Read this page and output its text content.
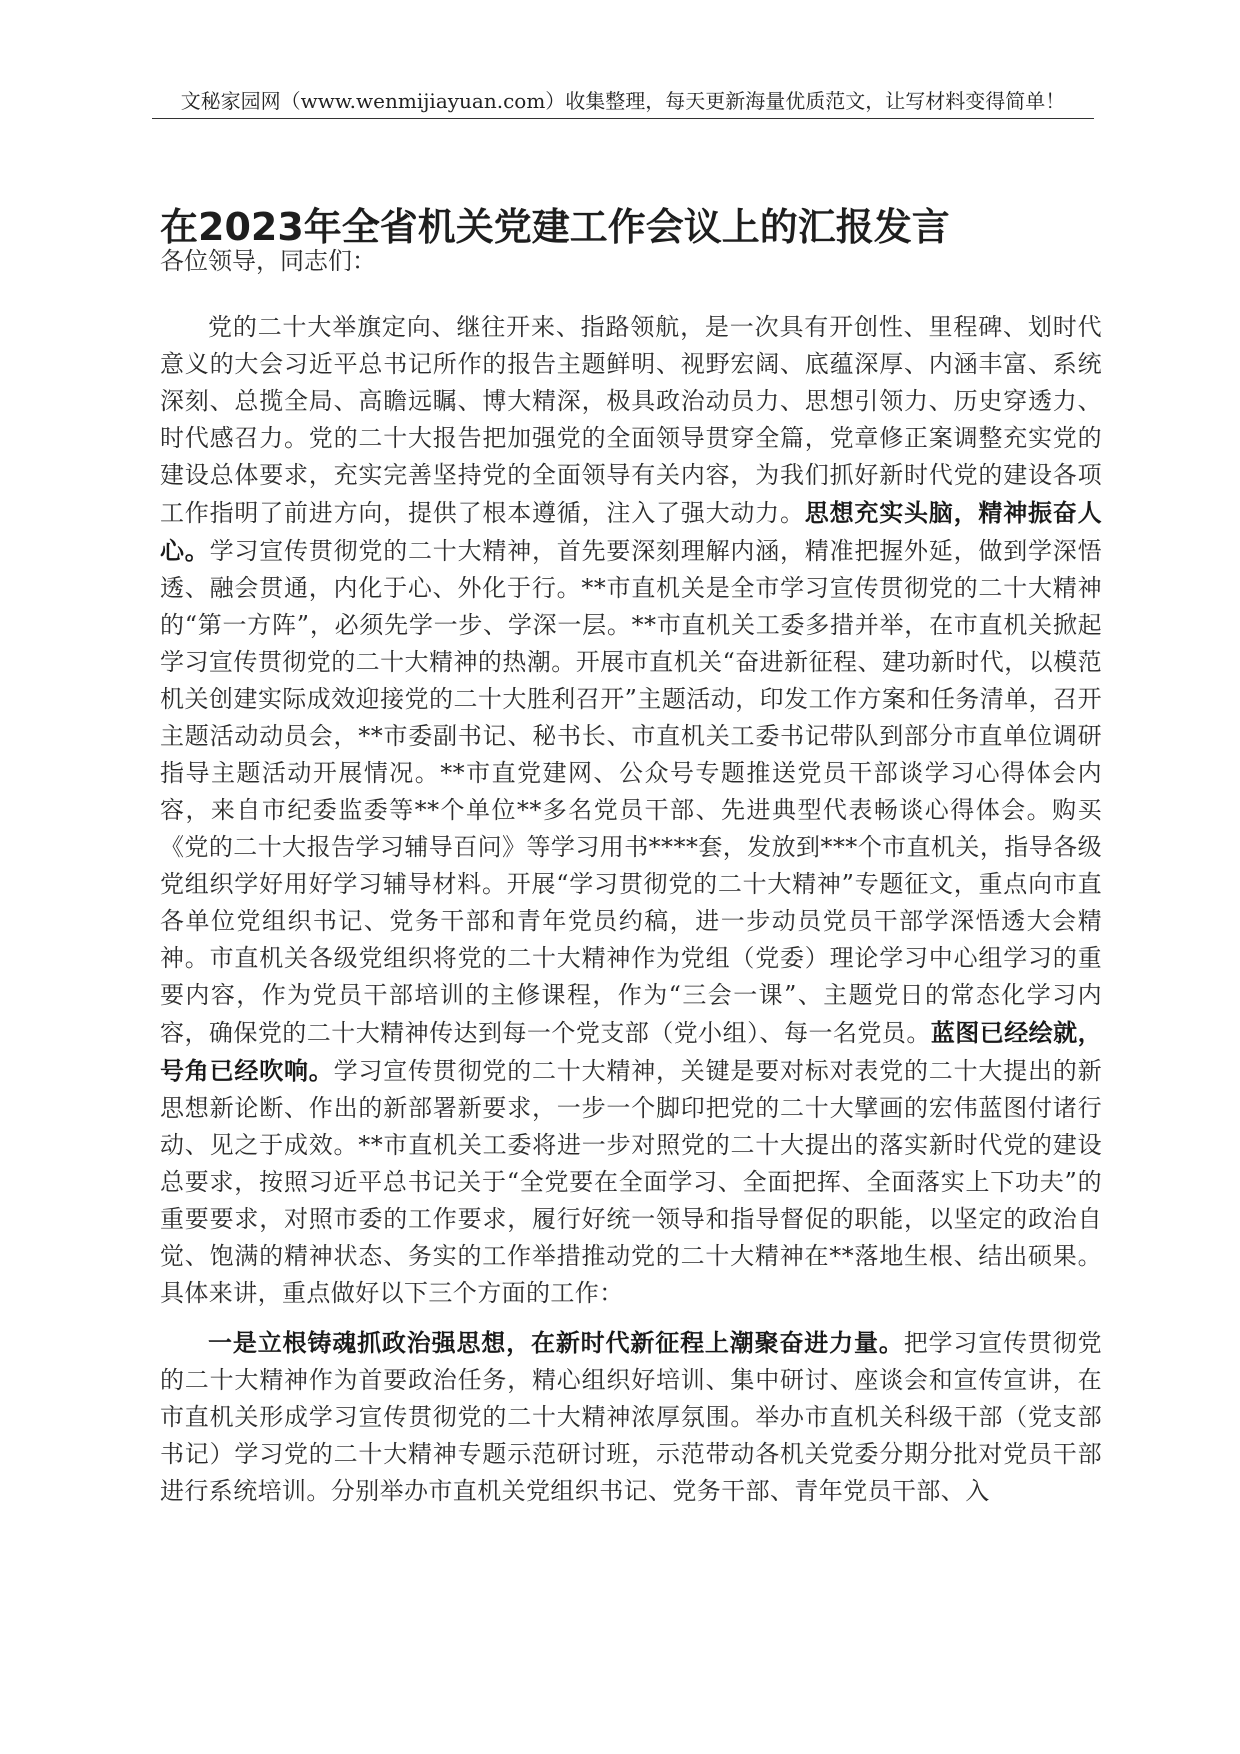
文秘家园网（www.wenmijiayuan.com）收集整理，每天更新海量优质范文，让写材料变得简单！
在2023年全省机关党建工作会议上的汇报发言

各位领导，同志们：

党的二十大举旗定向、继往开来、指路领航，是一次具有开创性、里程碑、划时代意义的大会习近平总书记所作的报告主题鲜明、视野宏阔、底蕴深厚、内涵丰富、系统深刻、总揽全局、高瞻远瞩、博大精深，极具政治动员力、思想引领力、历史穿透力、时代感召力。党的二十大报告把加强党的全面领导贯穿全篇，党章修正案调整充实党的建设总体要求，充实完善坚持党的全面领导有关内容，为我们抓好新时代党的建设各项工作指明了前进方向，提供了根本遵循，注入了强大动力。思想充实头脑，精神振奋人心。学习宣传贯彻党的二十大精神，首先要深刻理解内涵，精准把握外延，做到学深悟透、融会贯通，内化于心、外化于行。**市直机关是全市学习宣传贯彻党的二十大精神的“第一方阵”，必须先学一步、学深一层。**市直机关工委多措并举，在市直机关掀起学习宣传贯彻党的二十大精神的热潮。开展市直机关“奋进新征程、建功新时代，以模范机关创建实际成效迎接党的二十大胜利召开”主题活动，印发工作方案和任务清单，召开主题活动动员会，**市委副书记、秘书长、市直机关工委书记带队到部分市直单位调研指导主题活动开展情况。**市直党建网、公众号专题推送党员干部谈学习心得体会内容，来自市纪委监委等**个单位**多名党员干部、先进典型代表畅谈心得体会。购买《党的二十大报告学习辅导百问》等学习用书****套，发放到***个市直机关，指导各级党组织学好用好学习辅导材料。开展“学习贯彻党的二十大精神”专题征文，重点向市直各单位党组织书记、党务干部和青年党员约稿，进一步动员党员干部学深悟透大会精神。市直机关各级党组织将党的二十大精神作为党组（党委）理论学习中心组学习的重要内容，作为党员干部培训的主修课程，作为“三会一课”、主题党日的常态化学习内容，确保党的二十大精神传达到每一个党支部（党小组）、每一名党员。蓝图已经绘就，号角已经吹响。学习宣传贯彻党的二十大精神，关键是要对标对表党的二十大提出的新思想新论断、作出的新部署新要求，一步一个脚印把党的二十大擘画的宏伟蓝图付诸行动、见之于成效。**市直机关工委将进一步对照党的二十大提出的落实新时代党的建设总要求，按照习近平总书记关于“全党要在全面学习、全面把挥、全面落实上下功夫”的重要要求，对照市委的工作要求，履行好统一领导和指导督促的职能，以坚定的政治自觉、饱满的精神状态、务实的工作举措推动党的二十大精神在**落地生根、结出硕果。具体来讲，重点做好以下三个方面的工作：

一是立根铸魂抓政治强思想，在新时代新征程上潮聚奋进力量。把学习宣传贯彻党的二十大精神作为首要政治任务，精心组织好培训、集中研讨、座谈会和宣传宣讲，在市直机关形成学习宣传贯彻党的二十大精神浓厚氛围。举办市直机关科级干部（党支部书记）学习党的二十大精神专题示范研讨班，示范带动各机关党委分期分批对党员干部进行系统培训。分别举办市直机关党组织书记、党务干部、青年党员干部、入
